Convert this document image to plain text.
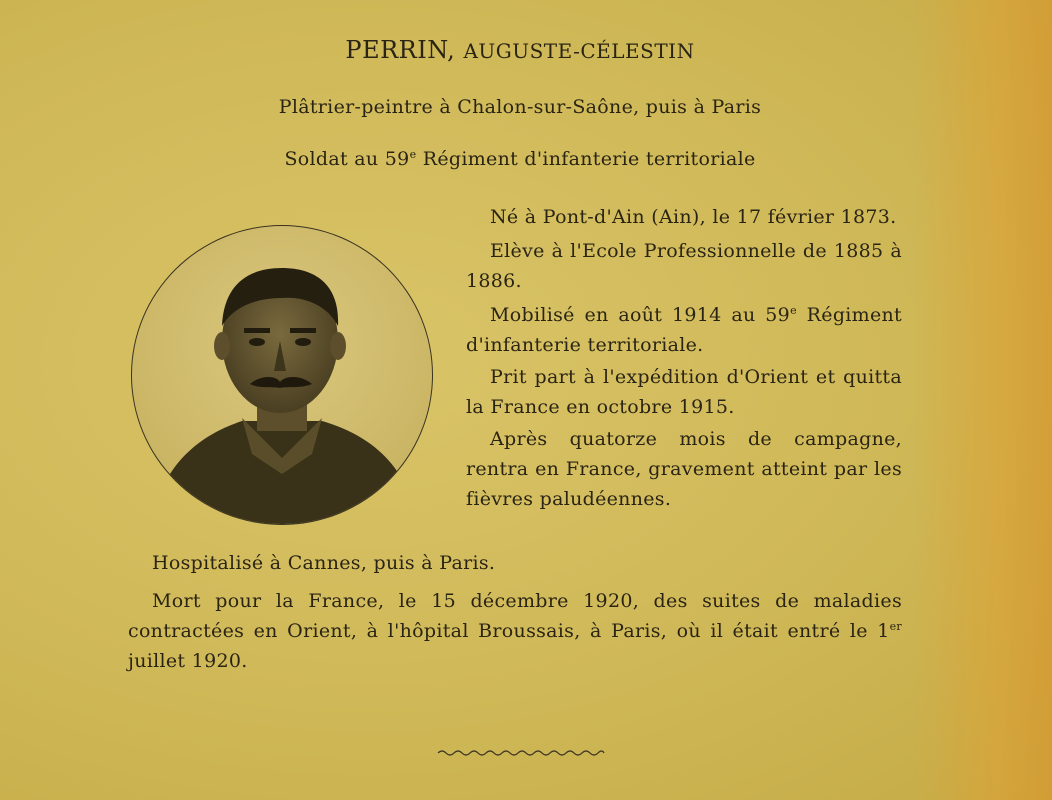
PERRIN, AUGUSTE-CÉLESTIN
Plâtrier-peintre à Chalon-sur-Saône, puis à Paris
Soldat au 59e Régiment d'infanterie territoriale

Né à Pont-d'Ain (Ain), le 17 février 1873.

Elève à l'Ecole Professionnelle de 1885 à 1886.

Mobilisé en août 1914 au 59e Régiment d'infanterie territoriale.

Prit part à l'expédition d'Orient et quitta la France en octobre 1915.

Après quatorze mois de campagne, rentra en France, gravement atteint par les fièvres paludéennes.

Hospitalisé à Cannes, puis à Paris.

Mort pour la France, le 15 décembre 1920, des suites de maladies contractées en Orient, à l'hôpital Broussais, à Paris, où il était entré le 1er juillet 1920.
